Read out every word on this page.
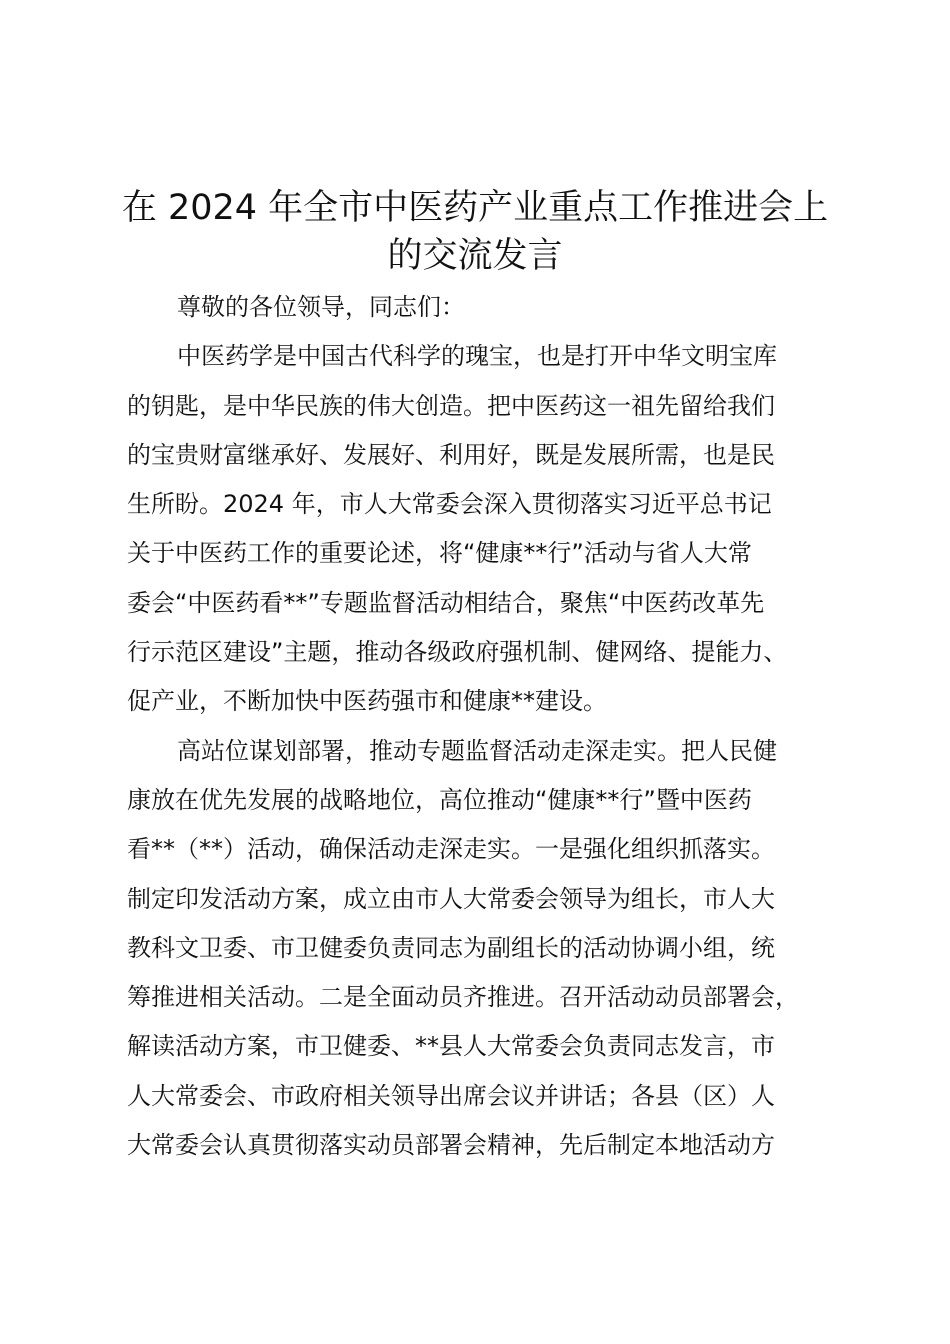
在 2024 年全市中医药产业重点工作推进会上
的交流发言
尊敬的各位领导，同志们：
中医药学是中国古代科学的瑰宝，也是打开中华文明宝库
的钥匙，是中华民族的伟大创造。把中医药这一祖先留给我们
的宝贵财富继承好、发展好、利用好，既是发展所需，也是民
生所盼。2024 年，市人大常委会深入贯彻落实习近平总书记
关于中医药工作的重要论述，将“健康**行”活动与省人大常
委会“中医药看**”专题监督活动相结合，聚焦“中医药改革先
行示范区建设”主题，推动各级政府强机制、健网络、提能力、
促产业，不断加快中医药强市和健康**建设。
高站位谋划部署，推动专题监督活动走深走实。把人民健
康放在优先发展的战略地位，高位推动“健康**行”暨中医药
看**（**）活动，确保活动走深走实。一是强化组织抓落实。
制定印发活动方案，成立由市人大常委会领导为组长，市人大
教科文卫委、市卫健委负责同志为副组长的活动协调小组，统
筹推进相关活动。二是全面动员齐推进。召开活动动员部署会，
解读活动方案，市卫健委、**县人大常委会负责同志发言，市
人大常委会、市政府相关领导出席会议并讲话；各县（区）人
大常委会认真贯彻落实动员部署会精神，先后制定本地活动方
